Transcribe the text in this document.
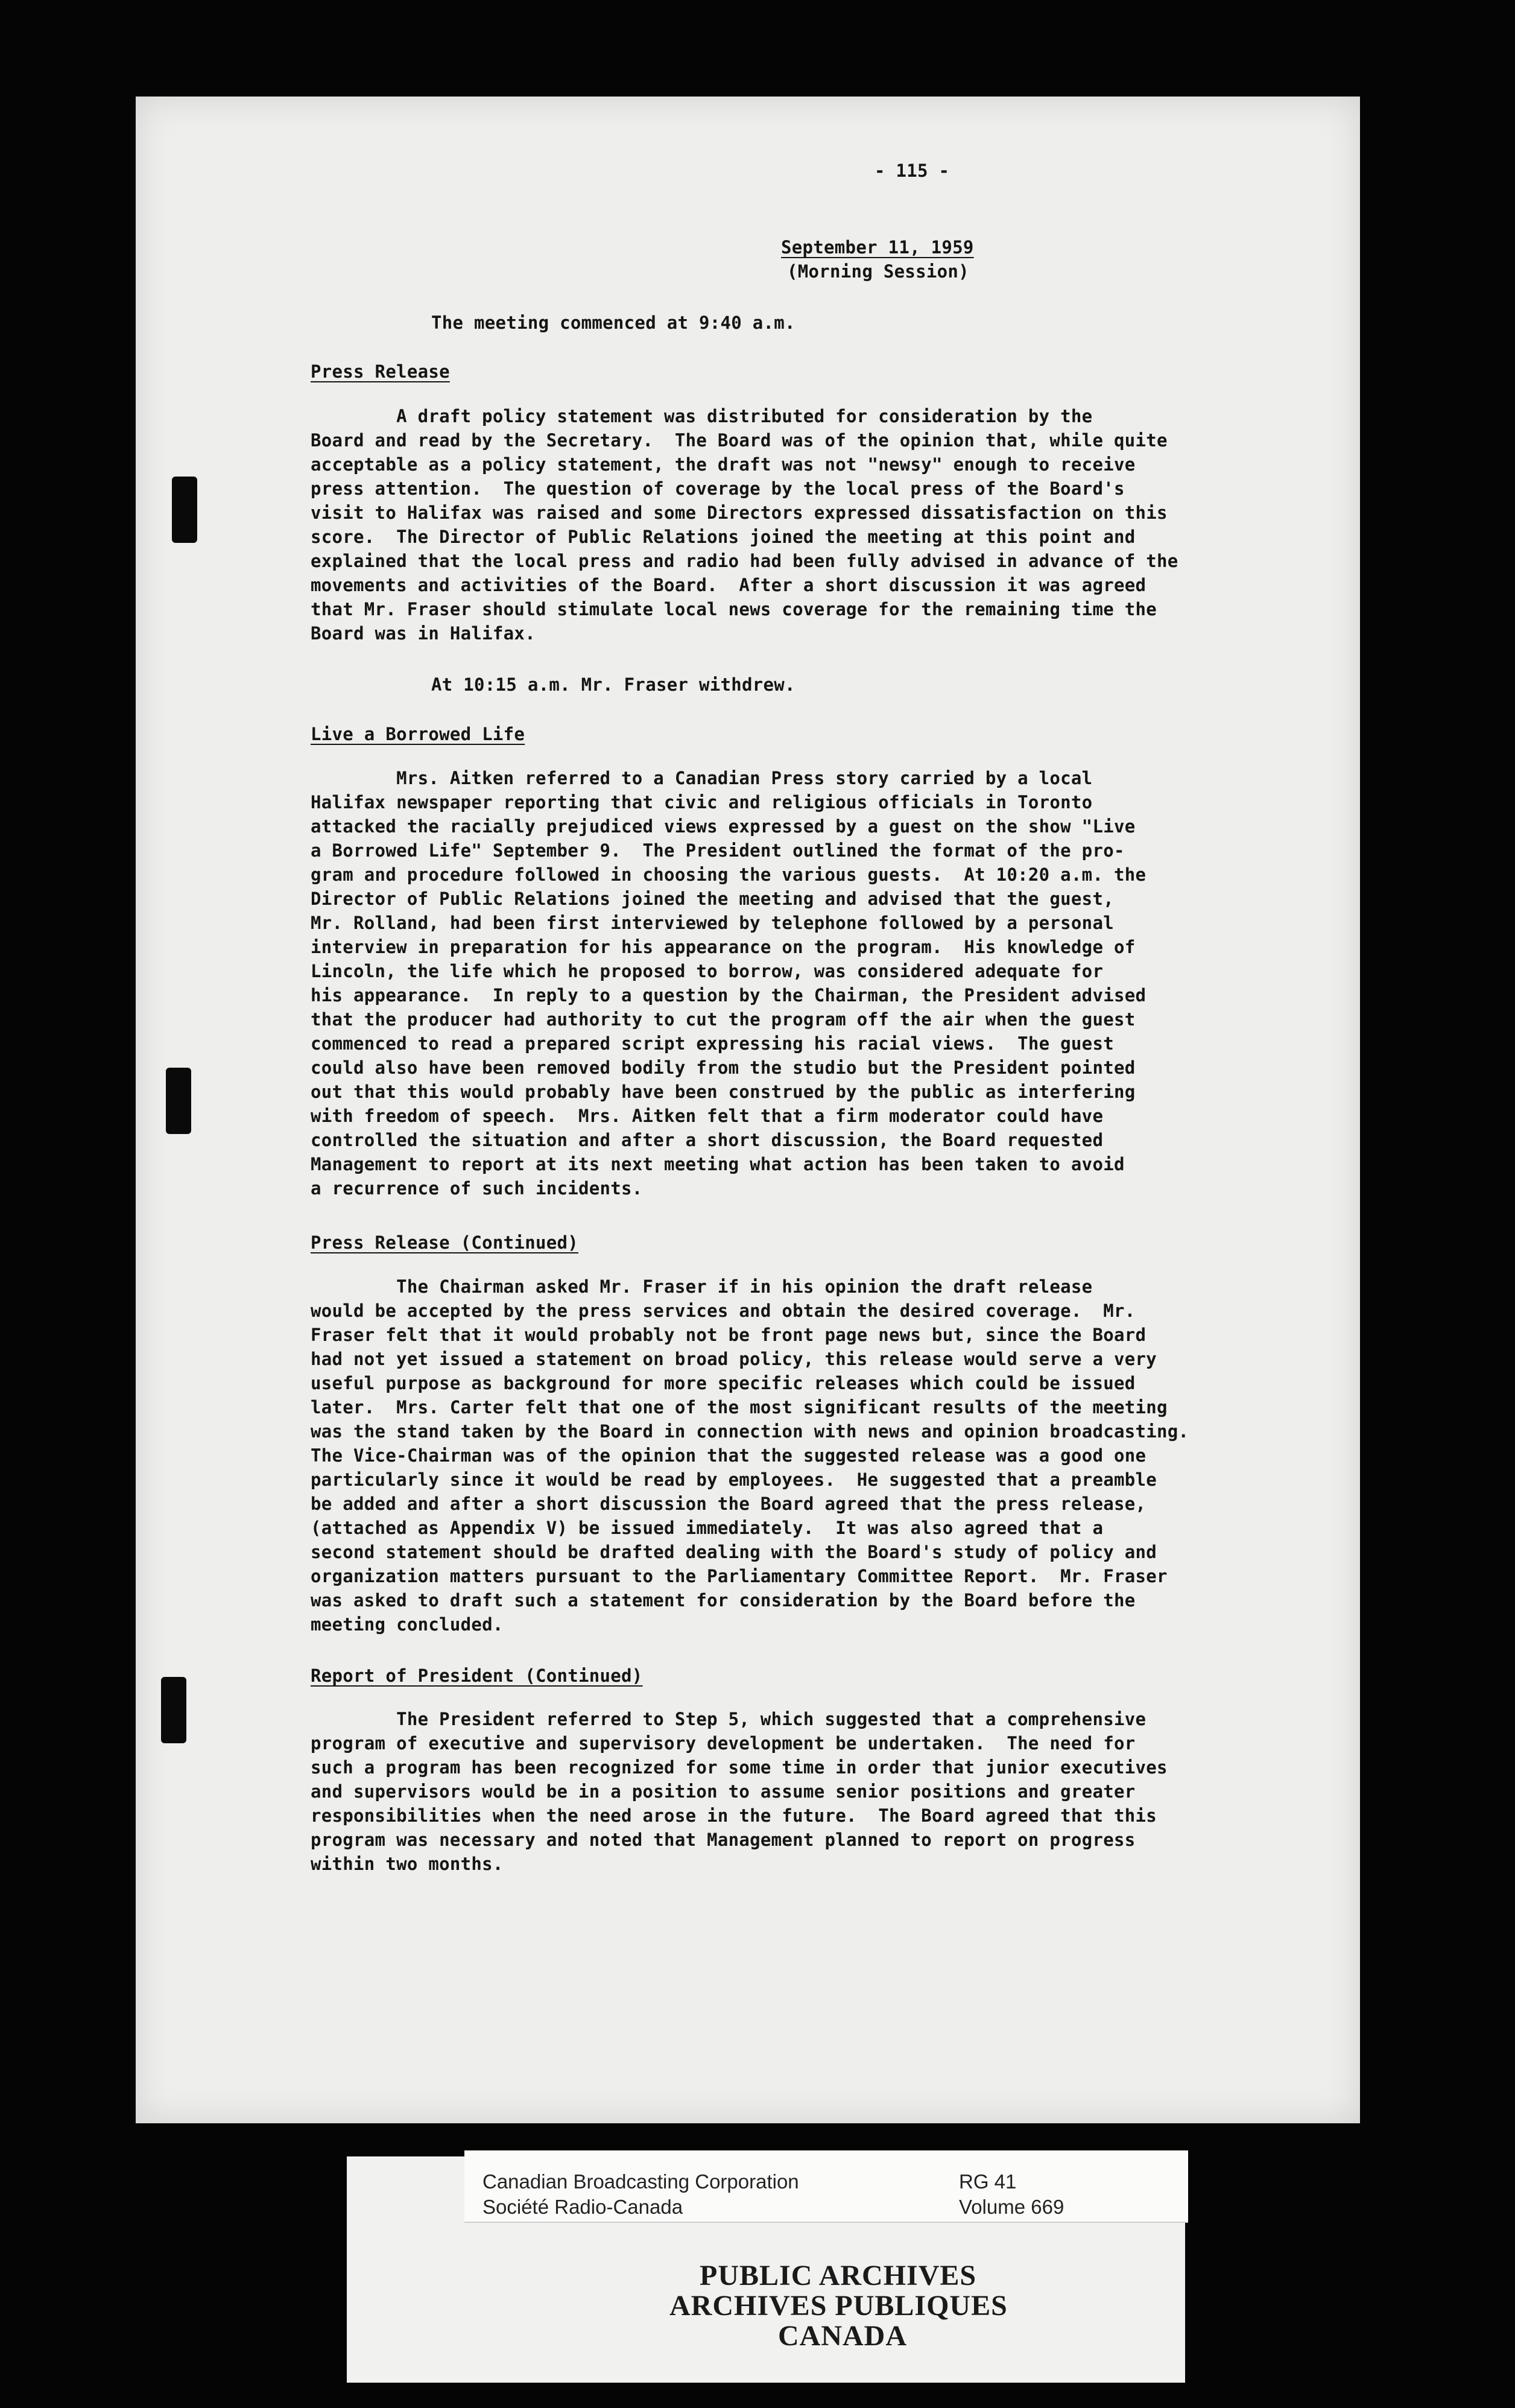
- 115 -
September 11, 1959
(Morning Session)
The meeting commenced at 9:40 a.m.
Press Release
A draft policy statement was distributed for consideration by the
Board and read by the Secretary.  The Board was of the opinion that, while quite
acceptable as a policy statement, the draft was not "newsy" enough to receive
press attention.  The question of coverage by the local press of the Board's
visit to Halifax was raised and some Directors expressed dissatisfaction on this
score.  The Director of Public Relations joined the meeting at this point and
explained that the local press and radio had been fully advised in advance of the
movements and activities of the Board.  After a short discussion it was agreed
that Mr. Fraser should stimulate local news coverage for the remaining time the
Board was in Halifax.
At 10:15 a.m. Mr. Fraser withdrew.
Live a Borrowed Life
Mrs. Aitken referred to a Canadian Press story carried by a local
Halifax newspaper reporting that civic and religious officials in Toronto
attacked the racially prejudiced views expressed by a guest on the show "Live
a Borrowed Life" September 9.  The President outlined the format of the pro-
gram and procedure followed in choosing the various guests.  At 10:20 a.m. the
Director of Public Relations joined the meeting and advised that the guest,
Mr. Rolland, had been first interviewed by telephone followed by a personal
interview in preparation for his appearance on the program.  His knowledge of
Lincoln, the life which he proposed to borrow, was considered adequate for
his appearance.  In reply to a question by the Chairman, the President advised
that the producer had authority to cut the program off the air when the guest
commenced to read a prepared script expressing his racial views.  The guest
could also have been removed bodily from the studio but the President pointed
out that this would probably have been construed by the public as interfering
with freedom of speech.  Mrs. Aitken felt that a firm moderator could have
controlled the situation and after a short discussion, the Board requested
Management to report at its next meeting what action has been taken to avoid
a recurrence of such incidents.
Press Release (Continued)
The Chairman asked Mr. Fraser if in his opinion the draft release
would be accepted by the press services and obtain the desired coverage.  Mr.
Fraser felt that it would probably not be front page news but, since the Board
had not yet issued a statement on broad policy, this release would serve a very
useful purpose as background for more specific releases which could be issued
later.  Mrs. Carter felt that one of the most significant results of the meeting
was the stand taken by the Board in connection with news and opinion broadcasting.
The Vice-Chairman was of the opinion that the suggested release was a good one
particularly since it would be read by employees.  He suggested that a preamble
be added and after a short discussion the Board agreed that the press release,
(attached as Appendix V) be issued immediately.  It was also agreed that a
second statement should be drafted dealing with the Board's study of policy and
organization matters pursuant to the Parliamentary Committee Report.  Mr. Fraser
was asked to draft such a statement for consideration by the Board before the
meeting concluded.
Report of President (Continued)
The President referred to Step 5, which suggested that a comprehensive
program of executive and supervisory development be undertaken.  The need for
such a program has been recognized for some time in order that junior executives
and supervisors would be in a position to assume senior positions and greater
responsibilities when the need arose in the future.  The Board agreed that this
program was necessary and noted that Management planned to report on progress
within two months.
Canadian Broadcasting Corporation
Société Radio-Canada
RG 41
Volume 669
PUBLIC ARCHIVES
ARCHIVES PUBLIQUES
CANADA
